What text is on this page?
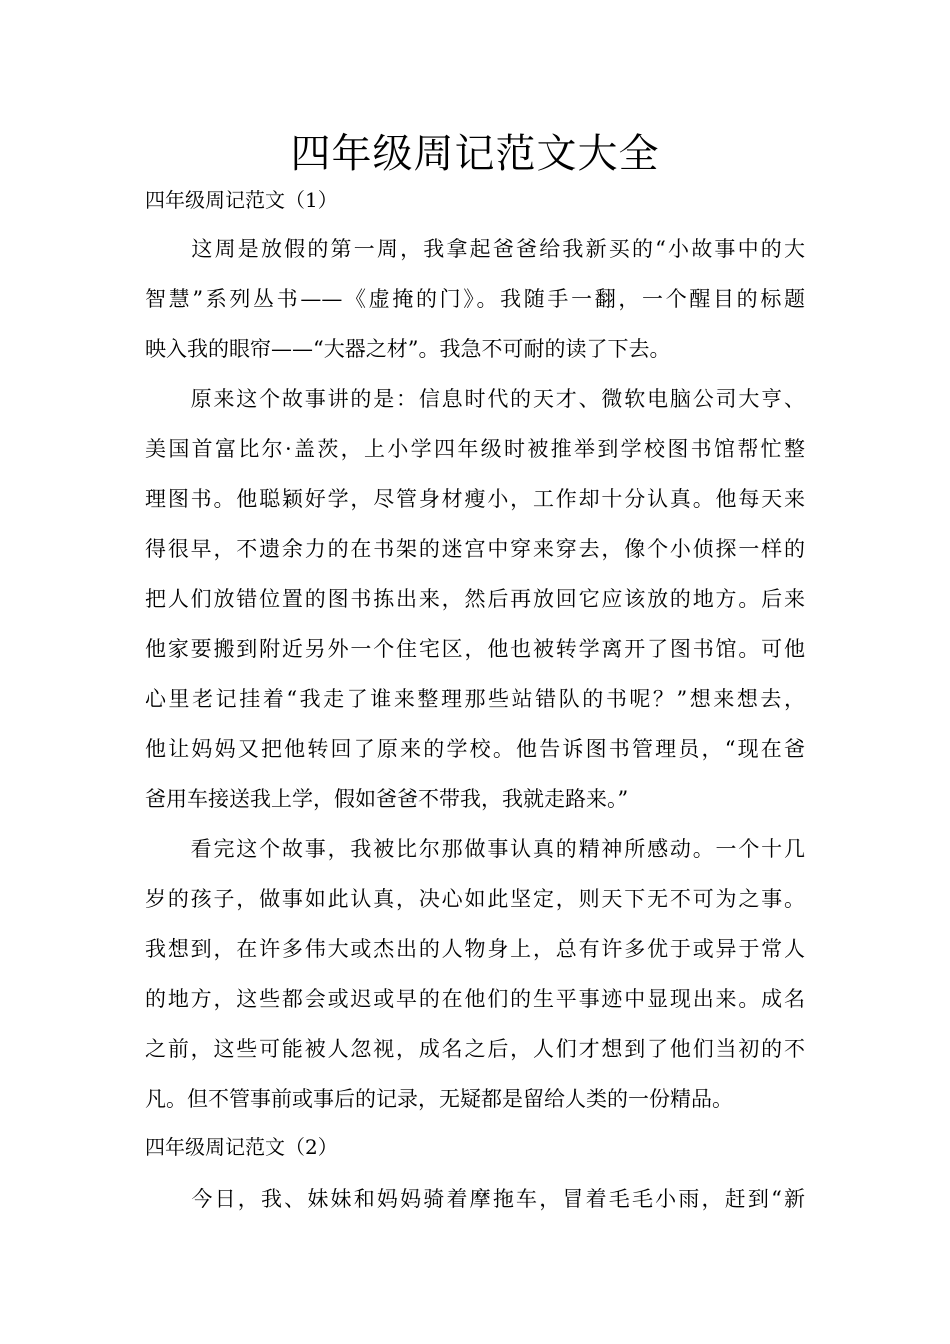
四年级周记范文大全
四年级周记范文（1）
　　这周是放假的第一周，我拿起爸爸给我新买的“小故事中的大
智慧”系列丛书——《虚掩的门》。我随手一翻，一个醒目的标题
映入我的眼帘——“大器之材”。我急不可耐的读了下去。
　　原来这个故事讲的是：信息时代的天才、微软电脑公司大亨、
美国首富比尔·盖茨，上小学四年级时被推举到学校图书馆帮忙整
理图书。他聪颖好学，尽管身材瘦小，工作却十分认真。他每天来
得很早，不遗余力的在书架的迷宫中穿来穿去，像个小侦探一样的
把人们放错位置的图书拣出来，然后再放回它应该放的地方。后来
他家要搬到附近另外一个住宅区，他也被转学离开了图书馆。可他
心里老记挂着“我走了谁来整理那些站错队的书呢？”想来想去，
他让妈妈又把他转回了原来的学校。他告诉图书管理员，“现在爸
爸用车接送我上学，假如爸爸不带我，我就走路来。”
　　看完这个故事，我被比尔那做事认真的精神所感动。一个十几
岁的孩子，做事如此认真，决心如此坚定，则天下无不可为之事。
我想到，在许多伟大或杰出的人物身上，总有许多优于或异于常人
的地方，这些都会或迟或早的在他们的生平事迹中显现出来。成名
之前，这些可能被人忽视，成名之后，人们才想到了他们当初的不
凡。但不管事前或事后的记录，无疑都是留给人类的一份精品。
四年级周记范文（2）
　　今日，我、妹妹和妈妈骑着摩拖车，冒着毛毛小雨，赶到“新
